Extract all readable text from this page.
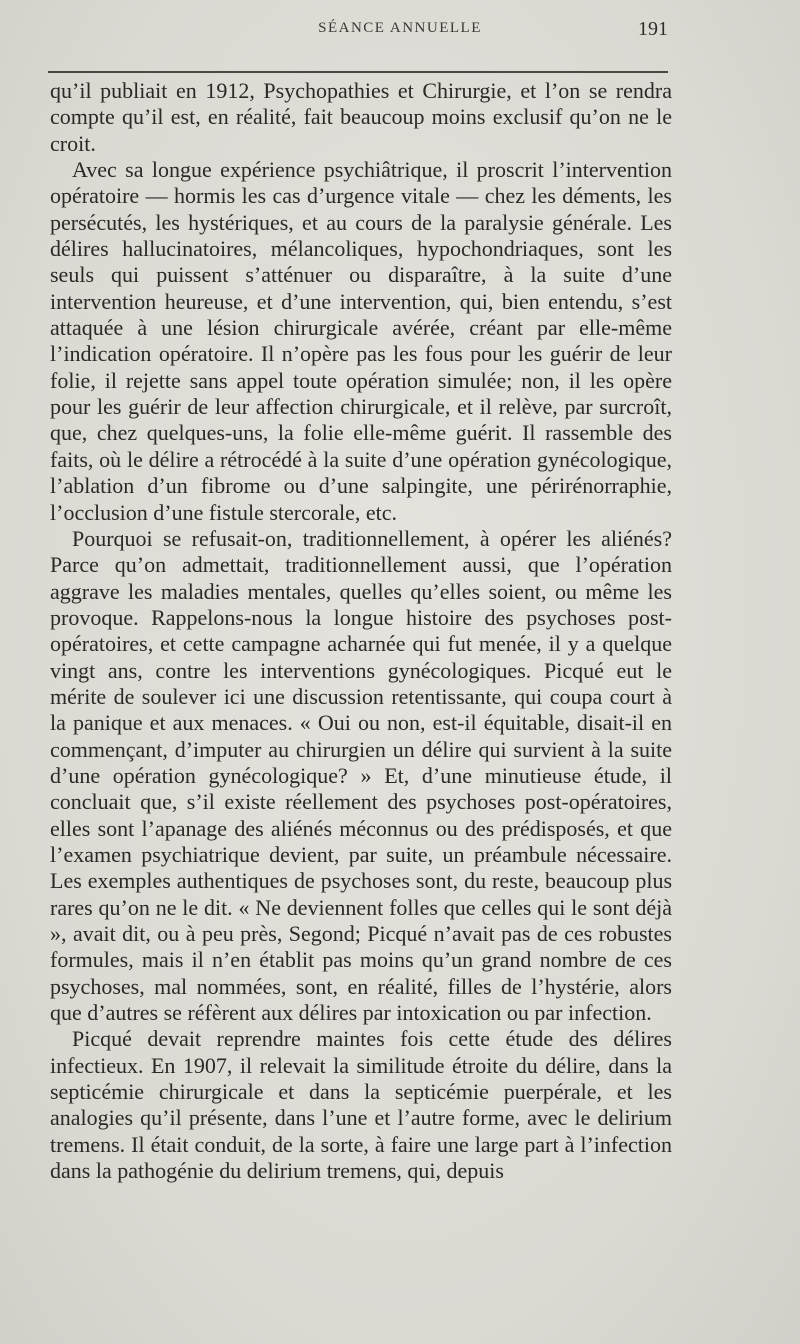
SÉANCE ANNUELLE	191

qu’il publiait en 1912, Psychopathies et Chirurgie, et l’on se rendra compte qu’il est, en réalité, fait beaucoup moins exclusif qu’on ne le croit.

Avec sa longue expérience psychiâtrique, il proscrit l’intervention opératoire — hormis les cas d’urgence vitale — chez les déments, les persécutés, les hystériques, et au cours de la paralysie générale. Les délires hallucinatoires, mélancoliques, hypochondriaques, sont les seuls qui puissent s’atténuer ou disparaître, à la suite d’une intervention heureuse, et d’une intervention, qui, bien entendu, s’est attaquée à une lésion chirurgicale avérée, créant par elle-même l’indication opératoire. Il n’opère pas les fous pour les guérir de leur folie, il rejette sans appel toute opération simulée; non, il les opère pour les guérir de leur affection chirurgicale, et il relève, par surcroît, que, chez quelques-uns, la folie elle-même guérit. Il rassemble des faits, où le délire a rétrocédé à la suite d’une opération gynécologique, l’ablation d’un fibrome ou d’une salpingite, une périrénorraphie, l’occlusion d’une fistule stercorale, etc.

Pourquoi se refusait-on, traditionnellement, à opérer les aliénés? Parce qu’on admettait, traditionnellement aussi, que l’opération aggrave les maladies mentales, quelles qu’elles soient, ou même les provoque. Rappelons-nous la longue histoire des psychoses post-opératoires, et cette campagne acharnée qui fut menée, il y a quelque vingt ans, contre les interventions gynécologiques. Picqué eut le mérite de soulever ici une discussion retentissante, qui coupa court à la panique et aux menaces. « Oui ou non, est-il équitable, disait-il en commençant, d’imputer au chirurgien un délire qui survient à la suite d’une opération gynécologique? » Et, d’une minutieuse étude, il concluait que, s’il existe réellement des psychoses post-opératoires, elles sont l’apanage des aliénés méconnus ou des prédisposés, et que l’examen psychiatrique devient, par suite, un préambule nécessaire. Les exemples authentiques de psychoses sont, du reste, beaucoup plus rares qu’on ne le dit. « Ne deviennent folles que celles qui le sont déjà », avait dit, ou à peu près, Segond; Picqué n’avait pas de ces robustes formules, mais il n’en établit pas moins qu’un grand nombre de ces psychoses, mal nommées, sont, en réalité, filles de l’hystérie, alors que d’autres se réfèrent aux délires par intoxication ou par infection.

Picqué devait reprendre maintes fois cette étude des délires infectieux. En 1907, il relevait la similitude étroite du délire, dans la septicémie chirurgicale et dans la septicémie puerpérale, et les analogies qu’il présente, dans l’une et l’autre forme, avec le delirium tremens. Il était conduit, de la sorte, à faire une large part à l’infection dans la pathogénie du delirium tremens, qui, depuis
